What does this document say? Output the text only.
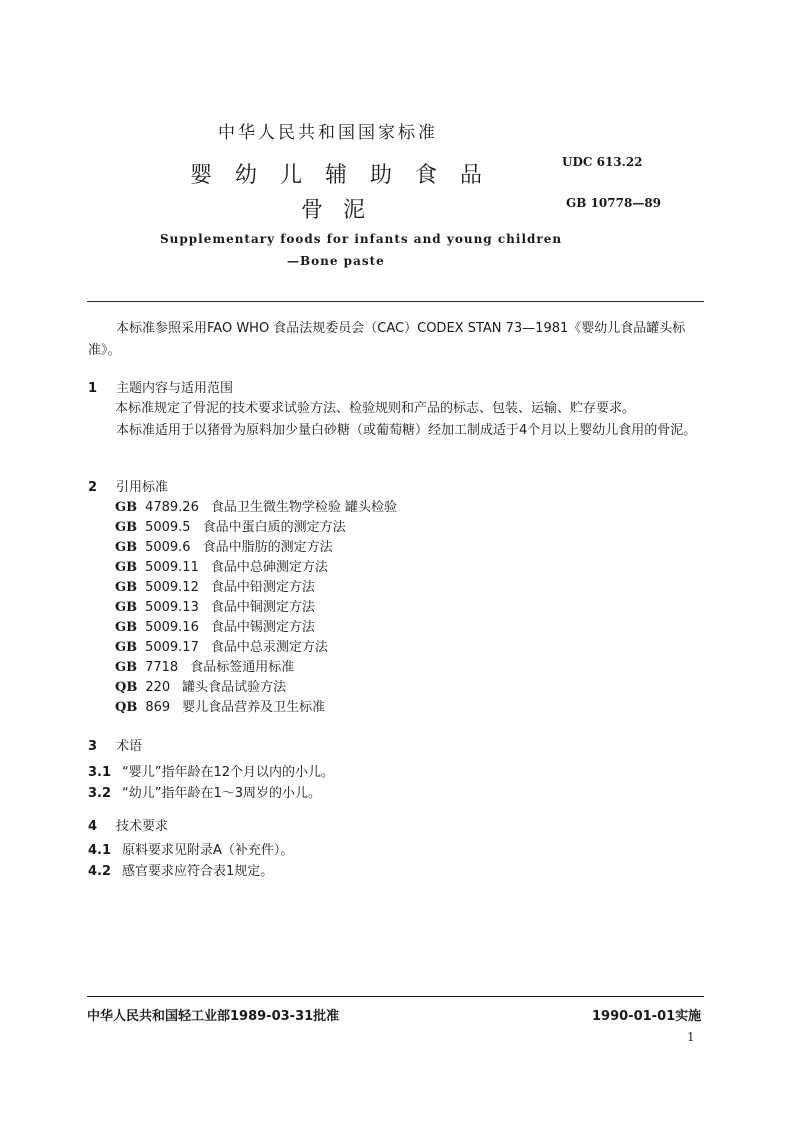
中华人民共和国国家标准
婴幼儿辅助食品
骨泥
UDC 613.22
GB 10778—89
Supplementary foods for infants and young children
—Bone paste
本标准参照采用FAO WHO 食品法规委员会（CAC）CODEX STAN 73—1981《婴幼儿食品罐头标准》。
1 主题内容与适用范围
本标准规定了骨泥的技术要求试验方法、检验规则和产品的标志、包装、运输、贮存要求。
本标准适用于以猪骨为原料加少量白砂糖（或葡萄糖）经加工制成适于4个月以上婴幼儿食用的骨泥。
2 引用标准
GB 4789.26 食品卫生微生物学检验 罐头检验
GB 5009.5 食品中蛋白质的测定方法
GB 5009.6 食品中脂肪的测定方法
GB 5009.11 食品中总砷测定方法
GB 5009.12 食品中铅测定方法
GB 5009.13 食品中铜测定方法
GB 5009.16 食品中锡测定方法
GB 5009.17 食品中总汞测定方法
GB 7718 食品标签通用标准
QB 220 罐头食品试验方法
QB 869 婴儿食品营养及卫生标准
3 术语
3.1 “婴儿”指年龄在12个月以内的小儿。
3.2 “幼儿”指年龄在1～3周岁的小儿。
4 技术要求
4.1 原料要求见附录A（补充件）。
4.2 感官要求应符合表1规定。
中华人民共和国轻工业部1989-03-31批准	1990-01-01实施
1
